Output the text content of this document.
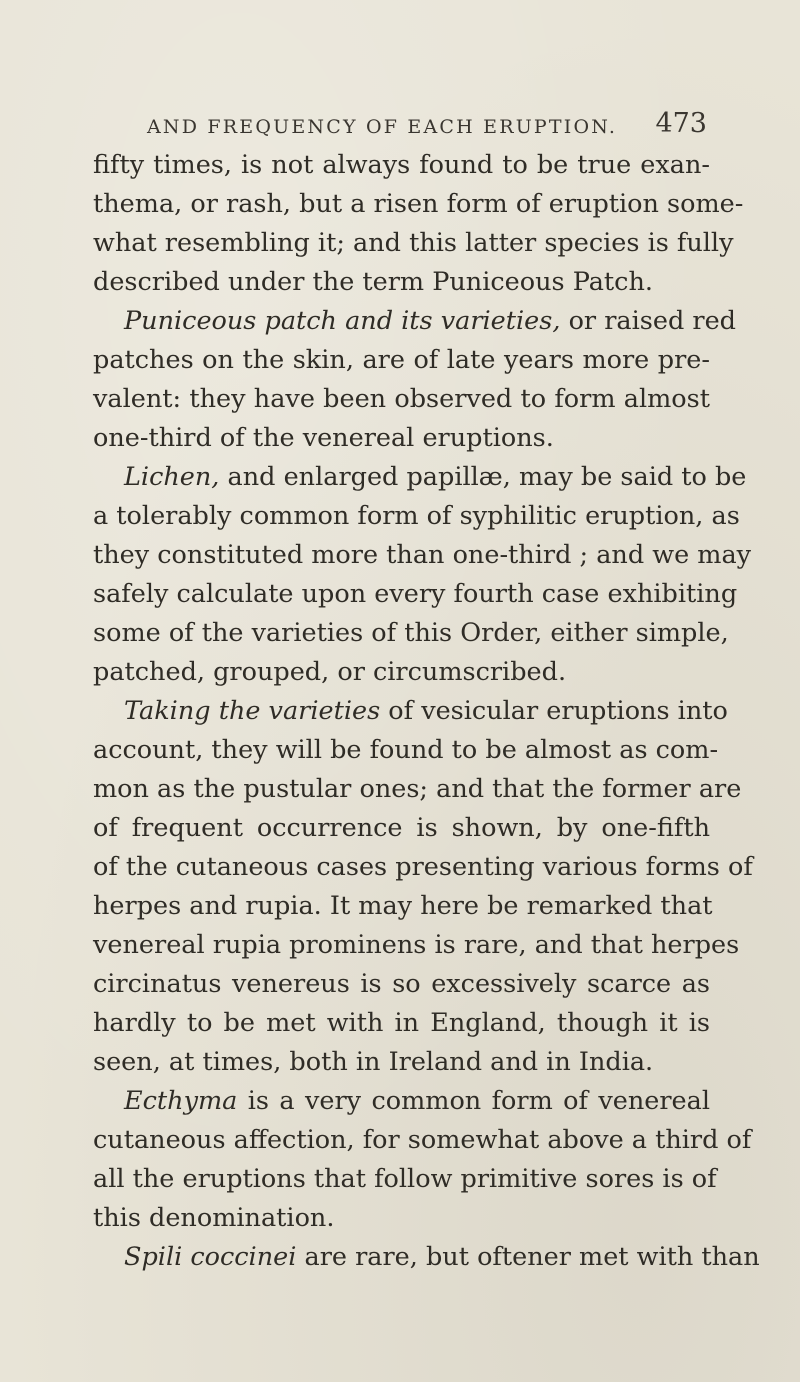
AND FREQUENCY OF EACH ERUPTION. 473
fifty times, is not always found to be true exan-
thema, or rash, but a risen form of eruption some-
what resembling it; and this latter species is fully
described under the term Puniceous Patch.
Puniceous patch and its varieties, or raised red
patches on the skin, are of late years more pre-
valent: they have been observed to form almost
one-third of the venereal eruptions.
Lichen, and enlarged papillæ, may be said to be
a tolerably common form of syphilitic eruption, as
they constituted more than one-third ; and we may
safely calculate upon every fourth case exhibiting
some of the varieties of this Order, either simple,
patched, grouped, or circumscribed.
Taking the varieties of vesicular eruptions into
account, they will be found to be almost as com-
mon as the pustular ones; and that the former are
of frequent occurrence is shown, by one-fifth
of the cutaneous cases presenting various forms of
herpes and rupia. It may here be remarked that
venereal rupia prominens is rare, and that herpes
circinatus venereus is so excessively scarce as
hardly to be met with in England, though it is
seen, at times, both in Ireland and in India.
Ecthyma is a very common form of venereal
cutaneous affection, for somewhat above a third of
all the eruptions that follow primitive sores is of
this denomination.
Spili coccinei are rare, but oftener met with than
